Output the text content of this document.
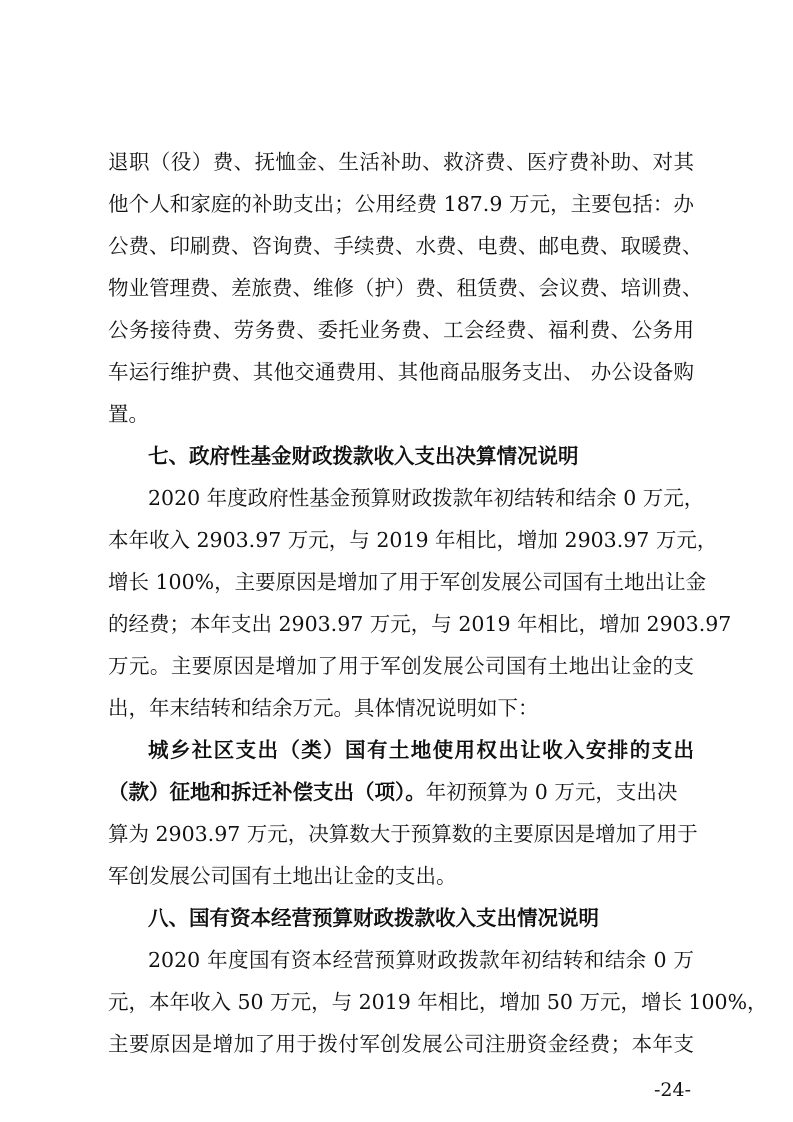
退职（役）费、抚恤金、生活补助、救济费、医疗费补助、对其
他个人和家庭的补助支出；公用经费 187.9 万元，主要包括：办
公费、印刷费、咨询费、手续费、水费、电费、邮电费、取暖费、
物业管理费、差旅费、维修（护）费、租赁费、会议费、培训费、
公务接待费、劳务费、委托业务费、工会经费、福利费、公务用
车运行维护费、其他交通费用、其他商品服务支出、 办公设备购
置。
七、政府性基金财政拨款收入支出决算情况说明
2020 年度政府性基金预算财政拨款年初结转和结余 0 万元，
本年收入 2903.97 万元，与 2019 年相比，增加 2903.97 万元，
增长 100%，主要原因是增加了用于军创发展公司国有土地出让金
的经费；本年支出 2903.97 万元，与 2019 年相比，增加 2903.97
万元。主要原因是增加了用于军创发展公司国有土地出让金的支
出，年末结转和结余万元。具体情况说明如下：
城乡社区支出（类）国有土地使用权出让收入安排的支出
（款）征地和拆迁补偿支出（项）。年初预算为 0 万元，支出决
算为 2903.97 万元，决算数大于预算数的主要原因是增加了用于
军创发展公司国有土地出让金的支出。
八、国有资本经营预算财政拨款收入支出情况说明
2020 年度国有资本经营预算财政拨款年初结转和结余 0 万
元，本年收入 50 万元，与 2019 年相比，增加 50 万元，增长 100%，
主要原因是增加了用于拨付军创发展公司注册资金经费；本年支
-24-
